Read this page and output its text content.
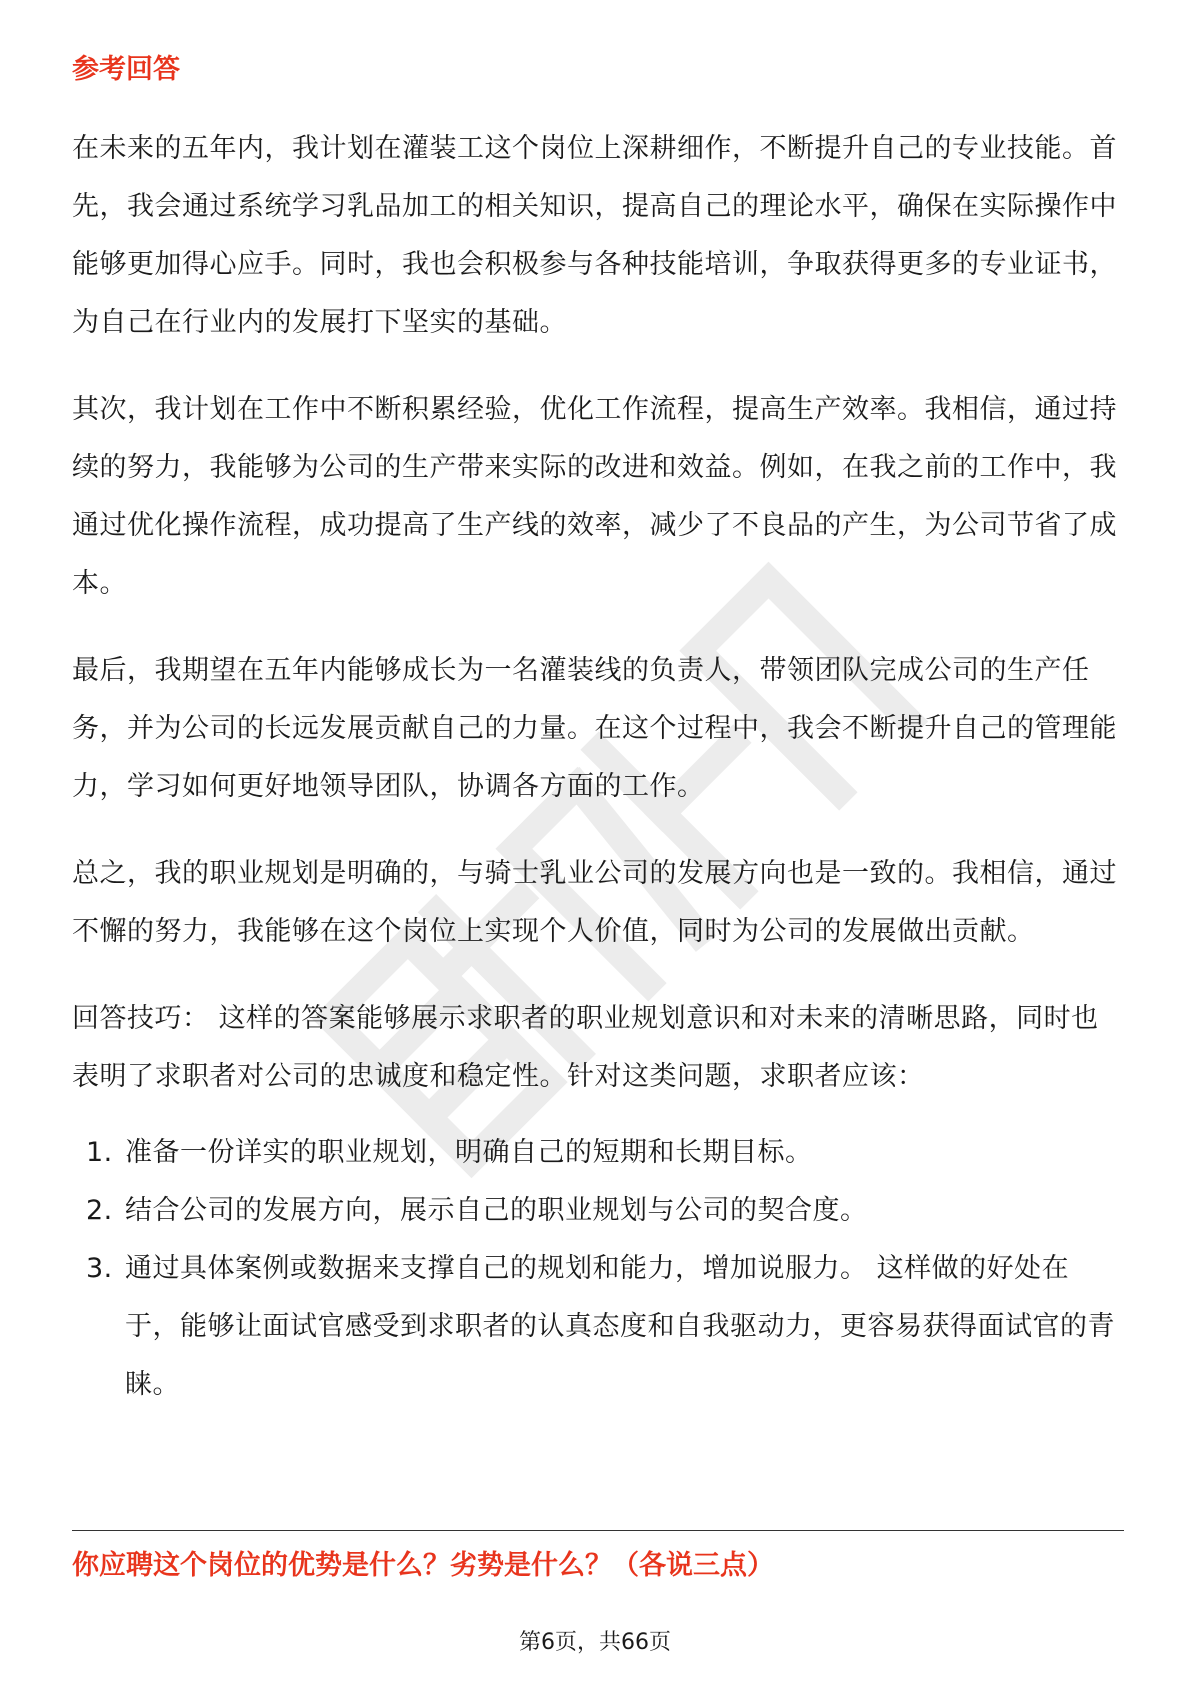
参考回答

在未来的五年内，我计划在灌装工这个岗位上深耕细作，不断提升自己的专业技能。首先，我会通过系统学习乳品加工的相关知识，提高自己的理论水平，确保在实际操作中能够更加得心应手。同时，我也会积极参与各种技能培训，争取获得更多的专业证书，为自己在行业内的发展打下坚实的基础。

其次，我计划在工作中不断积累经验，优化工作流程，提高生产效率。我相信，通过持续的努力，我能够为公司的生产带来实际的改进和效益。例如，在我之前的工作中，我通过优化操作流程，成功提高了生产线的效率，减少了不良品的产生，为公司节省了成本。

最后，我期望在五年内能够成长为一名灌装线的负责人，带领团队完成公司的生产任务，并为公司的长远发展贡献自己的力量。在这个过程中，我会不断提升自己的管理能力，学习如何更好地领导团队，协调各方面的工作。

总之，我的职业规划是明确的，与骑士乳业公司的发展方向也是一致的。我相信，通过不懈的努力，我能够在这个岗位上实现个人价值，同时为公司的发展做出贡献。

回答技巧： 这样的答案能够展示求职者的职业规划意识和对未来的清晰思路，同时也表明了求职者对公司的忠诚度和稳定性。针对这类问题，求职者应该：

1. 准备一份详实的职业规划，明确自己的短期和长期目标。
2. 结合公司的发展方向，展示自己的职业规划与公司的契合度。
3. 通过具体案例或数据来支撑自己的规划和能力，增加说服力。 这样做的好处在于，能够让面试官感受到求职者的认真态度和自我驱动力，更容易获得面试官的青睐。
你应聘这个岗位的优势是什么？劣势是什么？（各说三点）
第6页，共66页
